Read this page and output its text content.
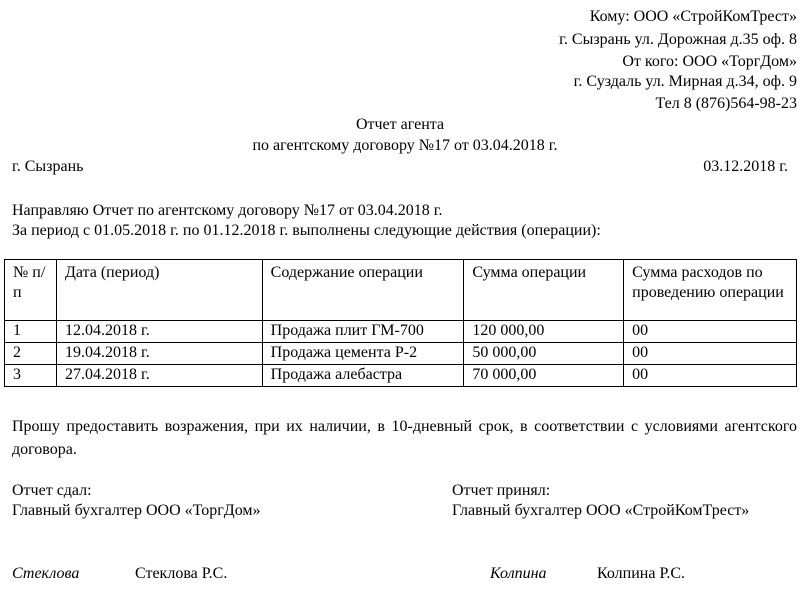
Кому: ООО «СтройКомТрест»
г. Сызрань ул. Дорожная д.35 оф. 8
От кого: ООО «ТоргДом»
г. Суздаль ул. Мирная д.34, оф. 9
Тел 8 (876)564-98-23
Отчет агента
по агентскому договору №17 от 03.04.2018 г.
г. Сызрань	03.12.2018 г.
Направляю Отчет по агентскому договору №17 от 03.04.2018 г.
За период с 01.05.2018 г. по 01.12.2018 г. выполнены следующие действия (операции):
№ п/п	Дата (период)	Содержание операции	Сумма операции	Сумма расходов по проведению операции
1	12.04.2018 г.	Продажа плит ГМ-700	120 000,00	00
2	19.04.2018 г.	Продажа цемента Р-2	50 000,00	00
3	27.04.2018 г.	Продажа алебастра	70 000,00	00
Прошу предоставить возражения, при их наличии, в 10-дневный срок, в соответствии с условиями агентского договора.
Отчет сдал:
Главный бухгалтер ООО «ТоргДом»
Стеклова	Стеклова Р.С.
Отчет принял:
Главный бухгалтер ООО «СтройКомТрест»
Колпина	Колпина Р.С.
